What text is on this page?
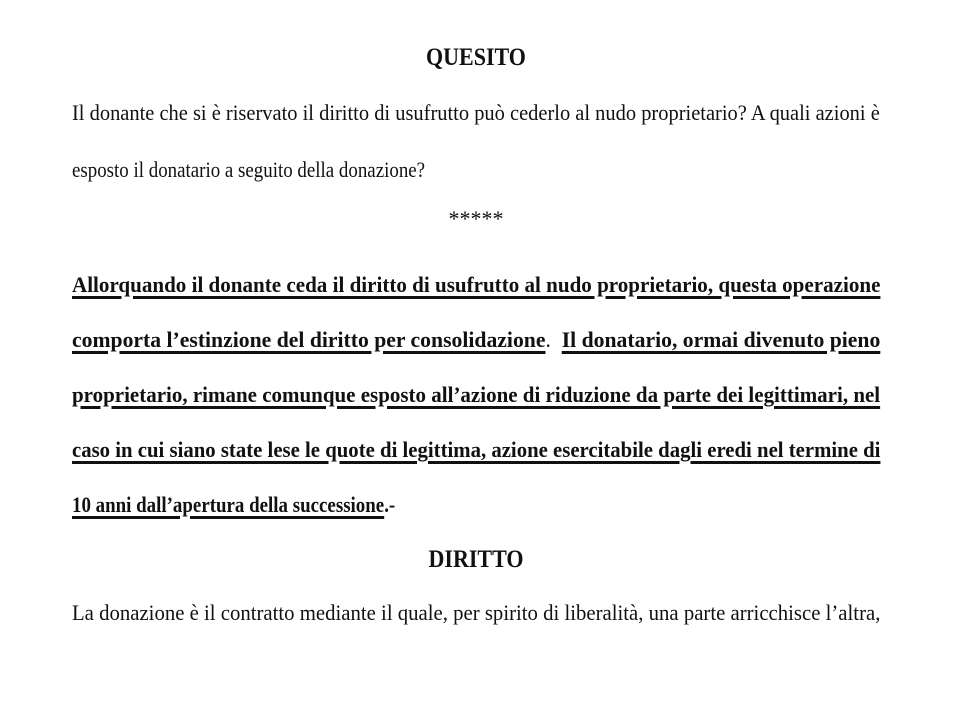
QUESITO

Il donante che si è riservato il diritto di usufrutto può cederlo al nudo proprietario? A quali azioni è
esposto il donatario a seguito della donazione?
*****
Allorquando il donante ceda il diritto di usufrutto al nudo proprietario, questa operazione
comporta l’estinzione del diritto per consolidazione. Il donatario, ormai divenuto pieno
proprietario, rimane comunque esposto all’azione di riduzione da parte dei legittimari, nel
caso in cui siano state lese le quote di legittima, azione esercitabile dagli eredi nel termine di
10 anni dall’apertura della successione.-

DIRITTO

La donazione è il contratto mediante il quale, per spirito di liberalità, una parte arricchisce l’altra,
